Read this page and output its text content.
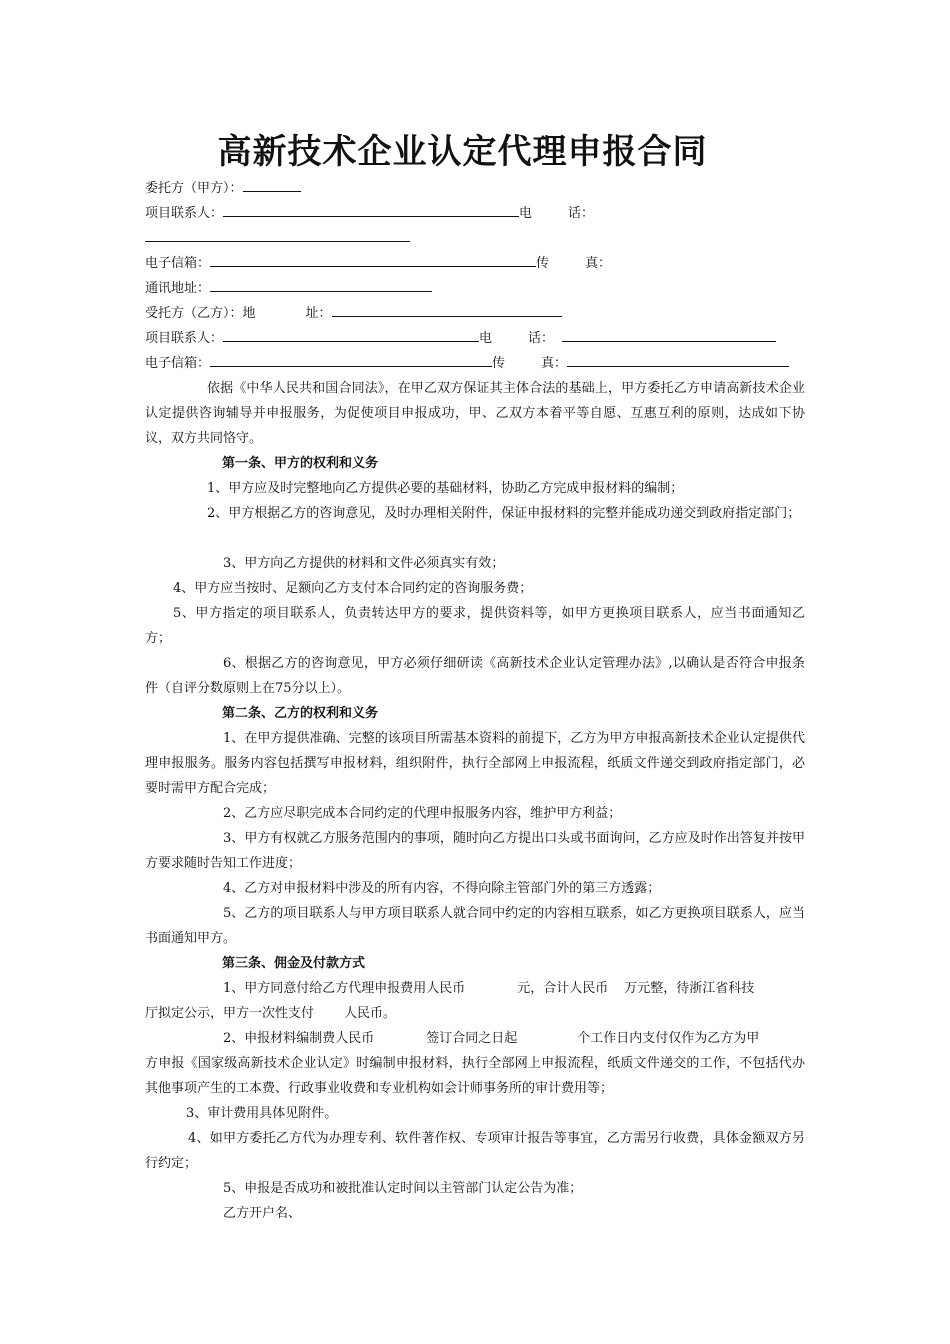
高新技术企业认定代理申报合同
委托方（甲方）：
项目联系人：	电	话：
电子信箱：	传	真：
通讯地址：
受托方（乙方）：地	址：
项目联系人：	电	话：
电子信箱：	传	真：
依据《中华人民共和国合同法》，在甲乙双方保证其主体合法的基础上，甲方委托乙方申请高新技术企业认定提供咨询辅导并申报服务，为促使项目申报成功，甲、乙双方本着平等自愿、互惠互利的原则，达成如下协议，双方共同恪守。
第一条、甲方的权利和义务
1、甲方应及时完整地向乙方提供必要的基础材料，协助乙方完成申报材料的编制；
2、甲方根据乙方的咨询意见，及时办理相关附件，保证申报材料的完整并能成功递交到政府指定部门；
3、甲方向乙方提供的材料和文件必须真实有效；
4、甲方应当按时、足额向乙方支付本合同约定的咨询服务费；
5、甲方指定的项目联系人，负责转达甲方的要求，提供资料等，如甲方更换项目联系人，应当书面通知乙方；
6、根据乙方的咨询意见，甲方必须仔细研读《高新技术企业认定管理办法》,以确认是否符合申报条件（自评分数原则上在75分以上）。
第二条、乙方的权利和义务
1、在甲方提供准确、完整的该项目所需基本资料的前提下，乙方为甲方申报高新技术企业认定提供代理申报服务。服务内容包括撰写申报材料，组织附件，执行全部网上申报流程，纸质文件递交到政府指定部门，必要时需甲方配合完成；
2、乙方应尽职完成本合同约定的代理申报服务内容，维护甲方利益；
3、甲方有权就乙方服务范围内的事项，随时向乙方提出口头或书面询问，乙方应及时作出答复并按甲方要求随时告知工作进度；
4、乙方对申报材料中涉及的所有内容，不得向除主管部门外的第三方透露；
5、乙方的项目联系人与甲方项目联系人就合同中约定的内容相互联系，如乙方更换项目联系人，应当书面通知甲方。
第三条、佣金及付款方式
1、甲方同意付给乙方代理申报费用人民币	元，合计人民币 万元整，待浙江省科技
厅拟定公示，甲方一次性支付 人民币。
2、申报材料编制费人民币	签订合同之日起	个工作日内支付仅作为乙方为甲
方申报《国家级高新技术企业认定》时编制申报材料，执行全部网上申报流程，纸质文件递交的工作，不包括代办其他事项产生的工本费、行政事业收费和专业机构如会计师事务所的审计费用等；
3、审计费用具体见附件。
4、如甲方委托乙方代为办理专利、软件著作权、专项审计报告等事宜，乙方需另行收费，具体金额双方另行约定；
5、申报是否成功和被批准认定时间以主管部门认定公告为准；
乙方开户名、
